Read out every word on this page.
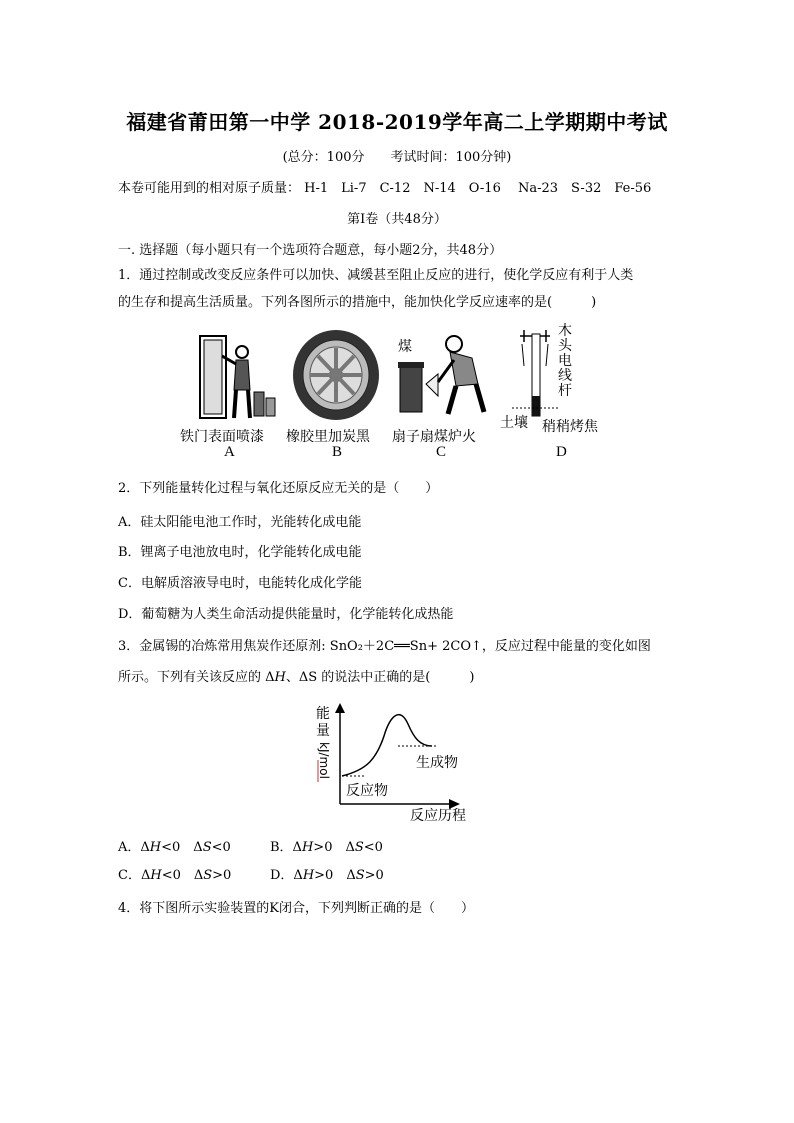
福建省莆田第一中学 2018-2019学年高二上学期期中考试
(总分：100分　　考试时间：100分钟)
本卷可能用到的相对原子质量： H-1　Li-7　C-12　N-14　O-16　 Na-23　S-32　Fe-56
第Ⅰ卷（共48分）
一. 选择题（每小题只有一个选项符合题意，每小题2分，共48分）
1．通过控制或改变反应条件可以加快、减缓甚至阻止反应的进行，使化学反应有利于人类
的生存和提高生活质量。下列各图所示的措施中，能加快化学反应速率的是(　　　)
煤
木
头
电
线
杆
土壤
铁门表面喷漆 橡胶里加炭黑 扇子扇煤炉火
稍稍烤焦
A	B	C	D
2．下列能量转化过程与氧化还原反应无关的是（　　）
A．硅太阳能电池工作时，光能转化成电能
B．锂离子电池放电时，化学能转化成电能
C．电解质溶液导电时，电能转化成化学能
D．葡萄糖为人类生命活动提供能量时，化学能转化成热能
3．金属锡的冶炼常用焦炭作还原剂: SnO₂＋2C══Sn+ 2CO↑，反应过程中能量的变化如图
所示。下列有关该反应的 ΔH、ΔS 的说法中正确的是(　　　)
能
量
kJ/mol	生成物
反应物
反应历程
A．ΔH<0　ΔS<0	B．ΔH>0　ΔS<0
C．ΔH<0　ΔS>0	D．ΔH>0　ΔS>0
4．将下图所示实验装置的K闭合，下列判断正确的是（　　）
